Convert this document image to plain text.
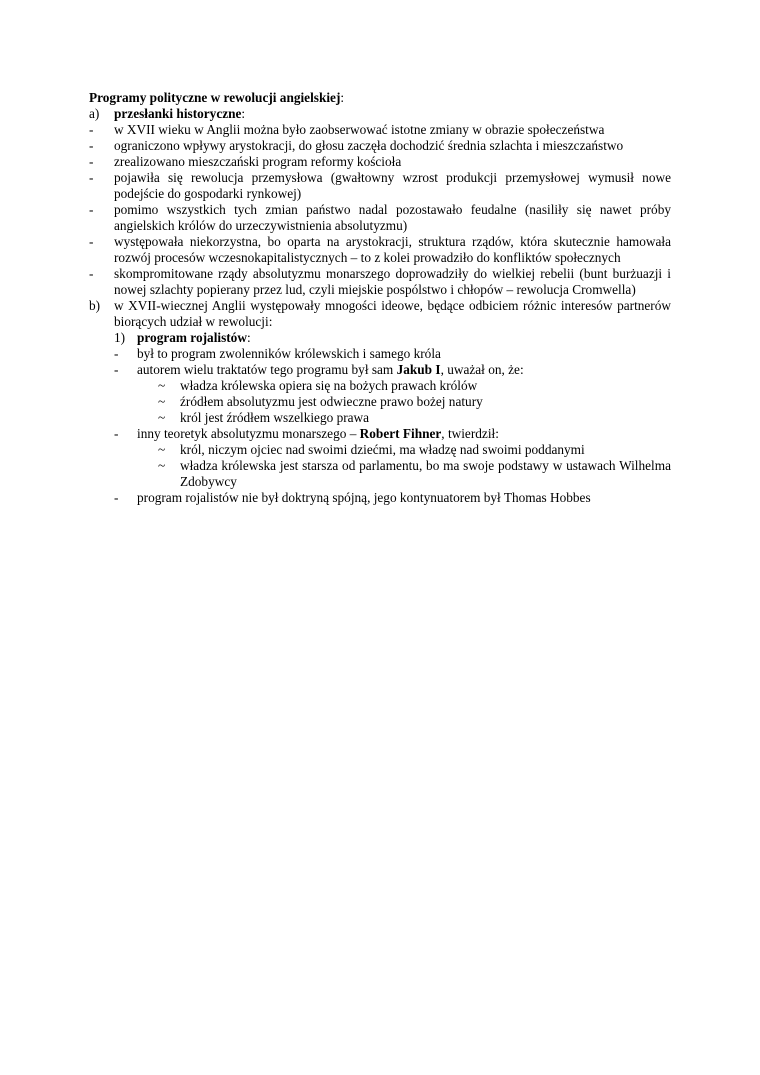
Programy polityczne w rewolucji angielskiej:
a) przesłanki historyczne:
- w XVII wieku w Anglii można było zaobserwować istotne zmiany w obrazie społeczeństwa
- ograniczono wpływy arystokracji, do głosu zaczęła dochodzić średnia szlachta i mieszczaństwo
- zrealizowano mieszczański program reformy kościoła
- pojawiła się rewolucja przemysłowa (gwałtowny wzrost produkcji przemysłowej wymusił nowe podejście do gospodarki rynkowej)
- pomimo wszystkich tych zmian państwo nadal pozostawało feudalne (nasiliły się nawet próby angielskich królów do urzeczywistnienia absolutyzmu)
- występowała niekorzystna, bo oparta na arystokracji, struktura rządów, która skutecznie hamowała rozwój procesów wczesnokapitalistycznych – to z kolei prowadziło do konfliktów społecznych
- skompromitowane rządy absolutyzmu monarszego doprowadziły do wielkiej rebelii (bunt burżuazji i nowej szlachty popierany przez lud, czyli miejskie pospólstwo i chłopów – rewolucja Cromwella)
b) w XVII-wiecznej Anglii występowały mnogości ideowe, będące odbiciem różnic interesów partnerów biorących udział w rewolucji:
1) program rojalistów:
- był to program zwolenników królewskich i samego króla
- autorem wielu traktatów tego programu był sam Jakub I, uważał on, że:
~ władza królewska opiera się na bożych prawach królów
~ źródłem absolutyzmu jest odwieczne prawo bożej natury
~ król jest źródłem wszelkiego prawa
- inny teoretyk absolutyzmu monarszego – Robert Fihner, twierdził:
~ król, niczym ojciec nad swoimi dziećmi, ma władzę nad swoimi poddanymi
~ władza królewska jest starsza od parlamentu, bo ma swoje podstawy w ustawach Wilhelma Zdobywcy
- program rojalistów nie był doktryną spójną, jego kontynuatorem był Thomas Hobbes
